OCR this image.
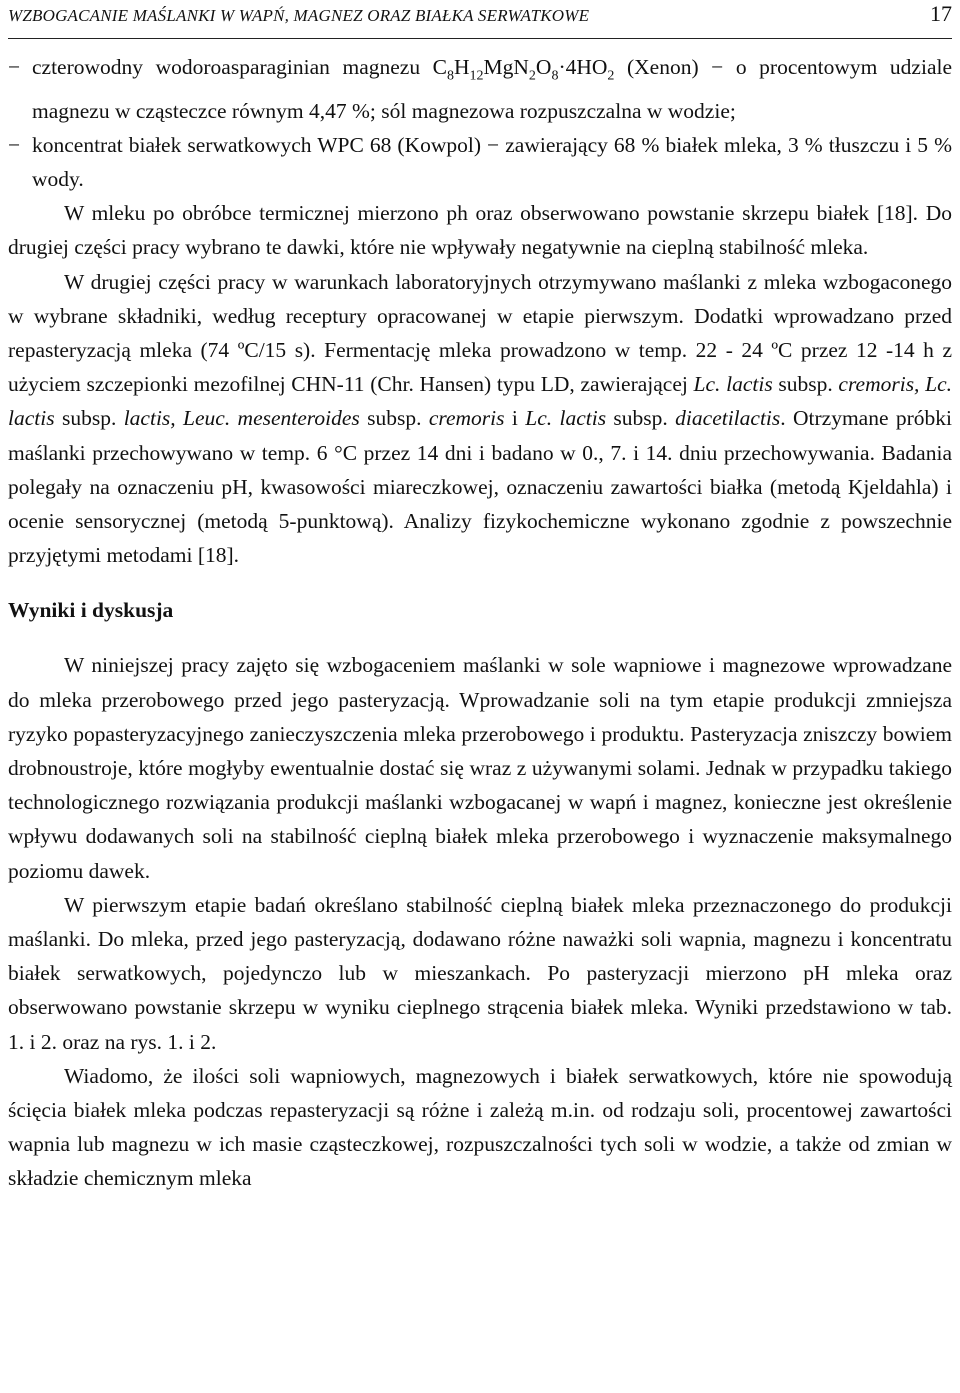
WZBOGACANIE MAŚLANKI W WAPŃ, MAGNEZ ORAZ BIAŁKA SERWATKOWE	17
− czterowodny wodoroasparaginian magnezu $C_8H_{12}MgN_2O_8\cdot 4HO_2$ (Xenon) − o procentowym udziale magnezu w cząsteczce równym 4,47 %; sól magnezowa rozpuszczalna w wodzie;
− koncentrat białek serwatkowych WPC 68 (Kowpol) − zawierający 68 % białek mleka, 3 % tłuszczu i 5 % wody.

W mleku po obróbce termicznej mierzono ph oraz obserwowano powstanie skrzepu białek [18]. Do drugiej części pracy wybrano te dawki, które nie wpływały negatywnie na cieplną stabilność mleka.

W drugiej części pracy w warunkach laboratoryjnych otrzymywano maślanki z mleka wzbogaconego w wybrane składniki, według receptury opracowanej w etapie pierwszym. Dodatki wprowadzano przed repasteryzacją mleka (74 ºC/15 s). Fermentację mleka prowadzono w temp. 22 - 24 ºC przez 12 -14 h z użyciem szczepionki mezofilnej CHN-11 (Chr. Hansen) typu LD, zawierającej Lc. lactis subsp. cremoris, Lc. lactis subsp. lactis, Leuc. mesenteroides subsp. cremoris i Lc. lactis subsp. diacetilactis. Otrzymane próbki maślanki przechowywano w temp. 6 °C przez 14 dni i badano w 0., 7. i 14. dniu przechowywania. Badania polegały na oznaczeniu pH, kwasowości miareczkowej, oznaczeniu zawartości białka (metodą Kjeldahla) i ocenie sensorycznej (metodą 5-punktową). Analizy fizykochemiczne wykonano zgodnie z powszechnie przyjętymi metodami [18].

Wyniki i dyskusja

W niniejszej pracy zajęto się wzbogaceniem maślanki w sole wapniowe i magnezowe wprowadzane do mleka przerobowego przed jego pasteryzacją. Wprowadzanie soli na tym etapie produkcji zmniejsza ryzyko popasteryzacyjnego zanieczyszczenia mleka przerobowego i produktu. Pasteryzacja zniszczy bowiem drobnoustroje, które mogłyby ewentualnie dostać się wraz z używanymi solami. Jednak w przypadku takiego technologicznego rozwiązania produkcji maślanki wzbogacanej w wapń i magnez, konieczne jest określenie wpływu dodawanych soli na stabilność cieplną białek mleka przerobowego i wyznaczenie maksymalnego poziomu dawek.

W pierwszym etapie badań określano stabilność cieplną białek mleka przeznaczonego do produkcji maślanki. Do mleka, przed jego pasteryzacją, dodawano różne naważki soli wapnia, magnezu i koncentratu białek serwatkowych, pojedynczo lub w mieszankach. Po pasteryzacji mierzono pH mleka oraz obserwowano powstanie skrzepu w wyniku cieplnego strącenia białek mleka. Wyniki przedstawiono w tab. 1. i 2. oraz na rys. 1. i 2.

Wiadomo, że ilości soli wapniowych, magnezowych i białek serwatkowych, które nie spowodują ścięcia białek mleka podczas repasteryzacji są różne i zależą m.in. od rodzaju soli, procentowej zawartości wapnia lub magnezu w ich masie cząsteczkowej, rozpuszczalności tych soli w wodzie, a także od zmian w składzie chemicznym mleka
